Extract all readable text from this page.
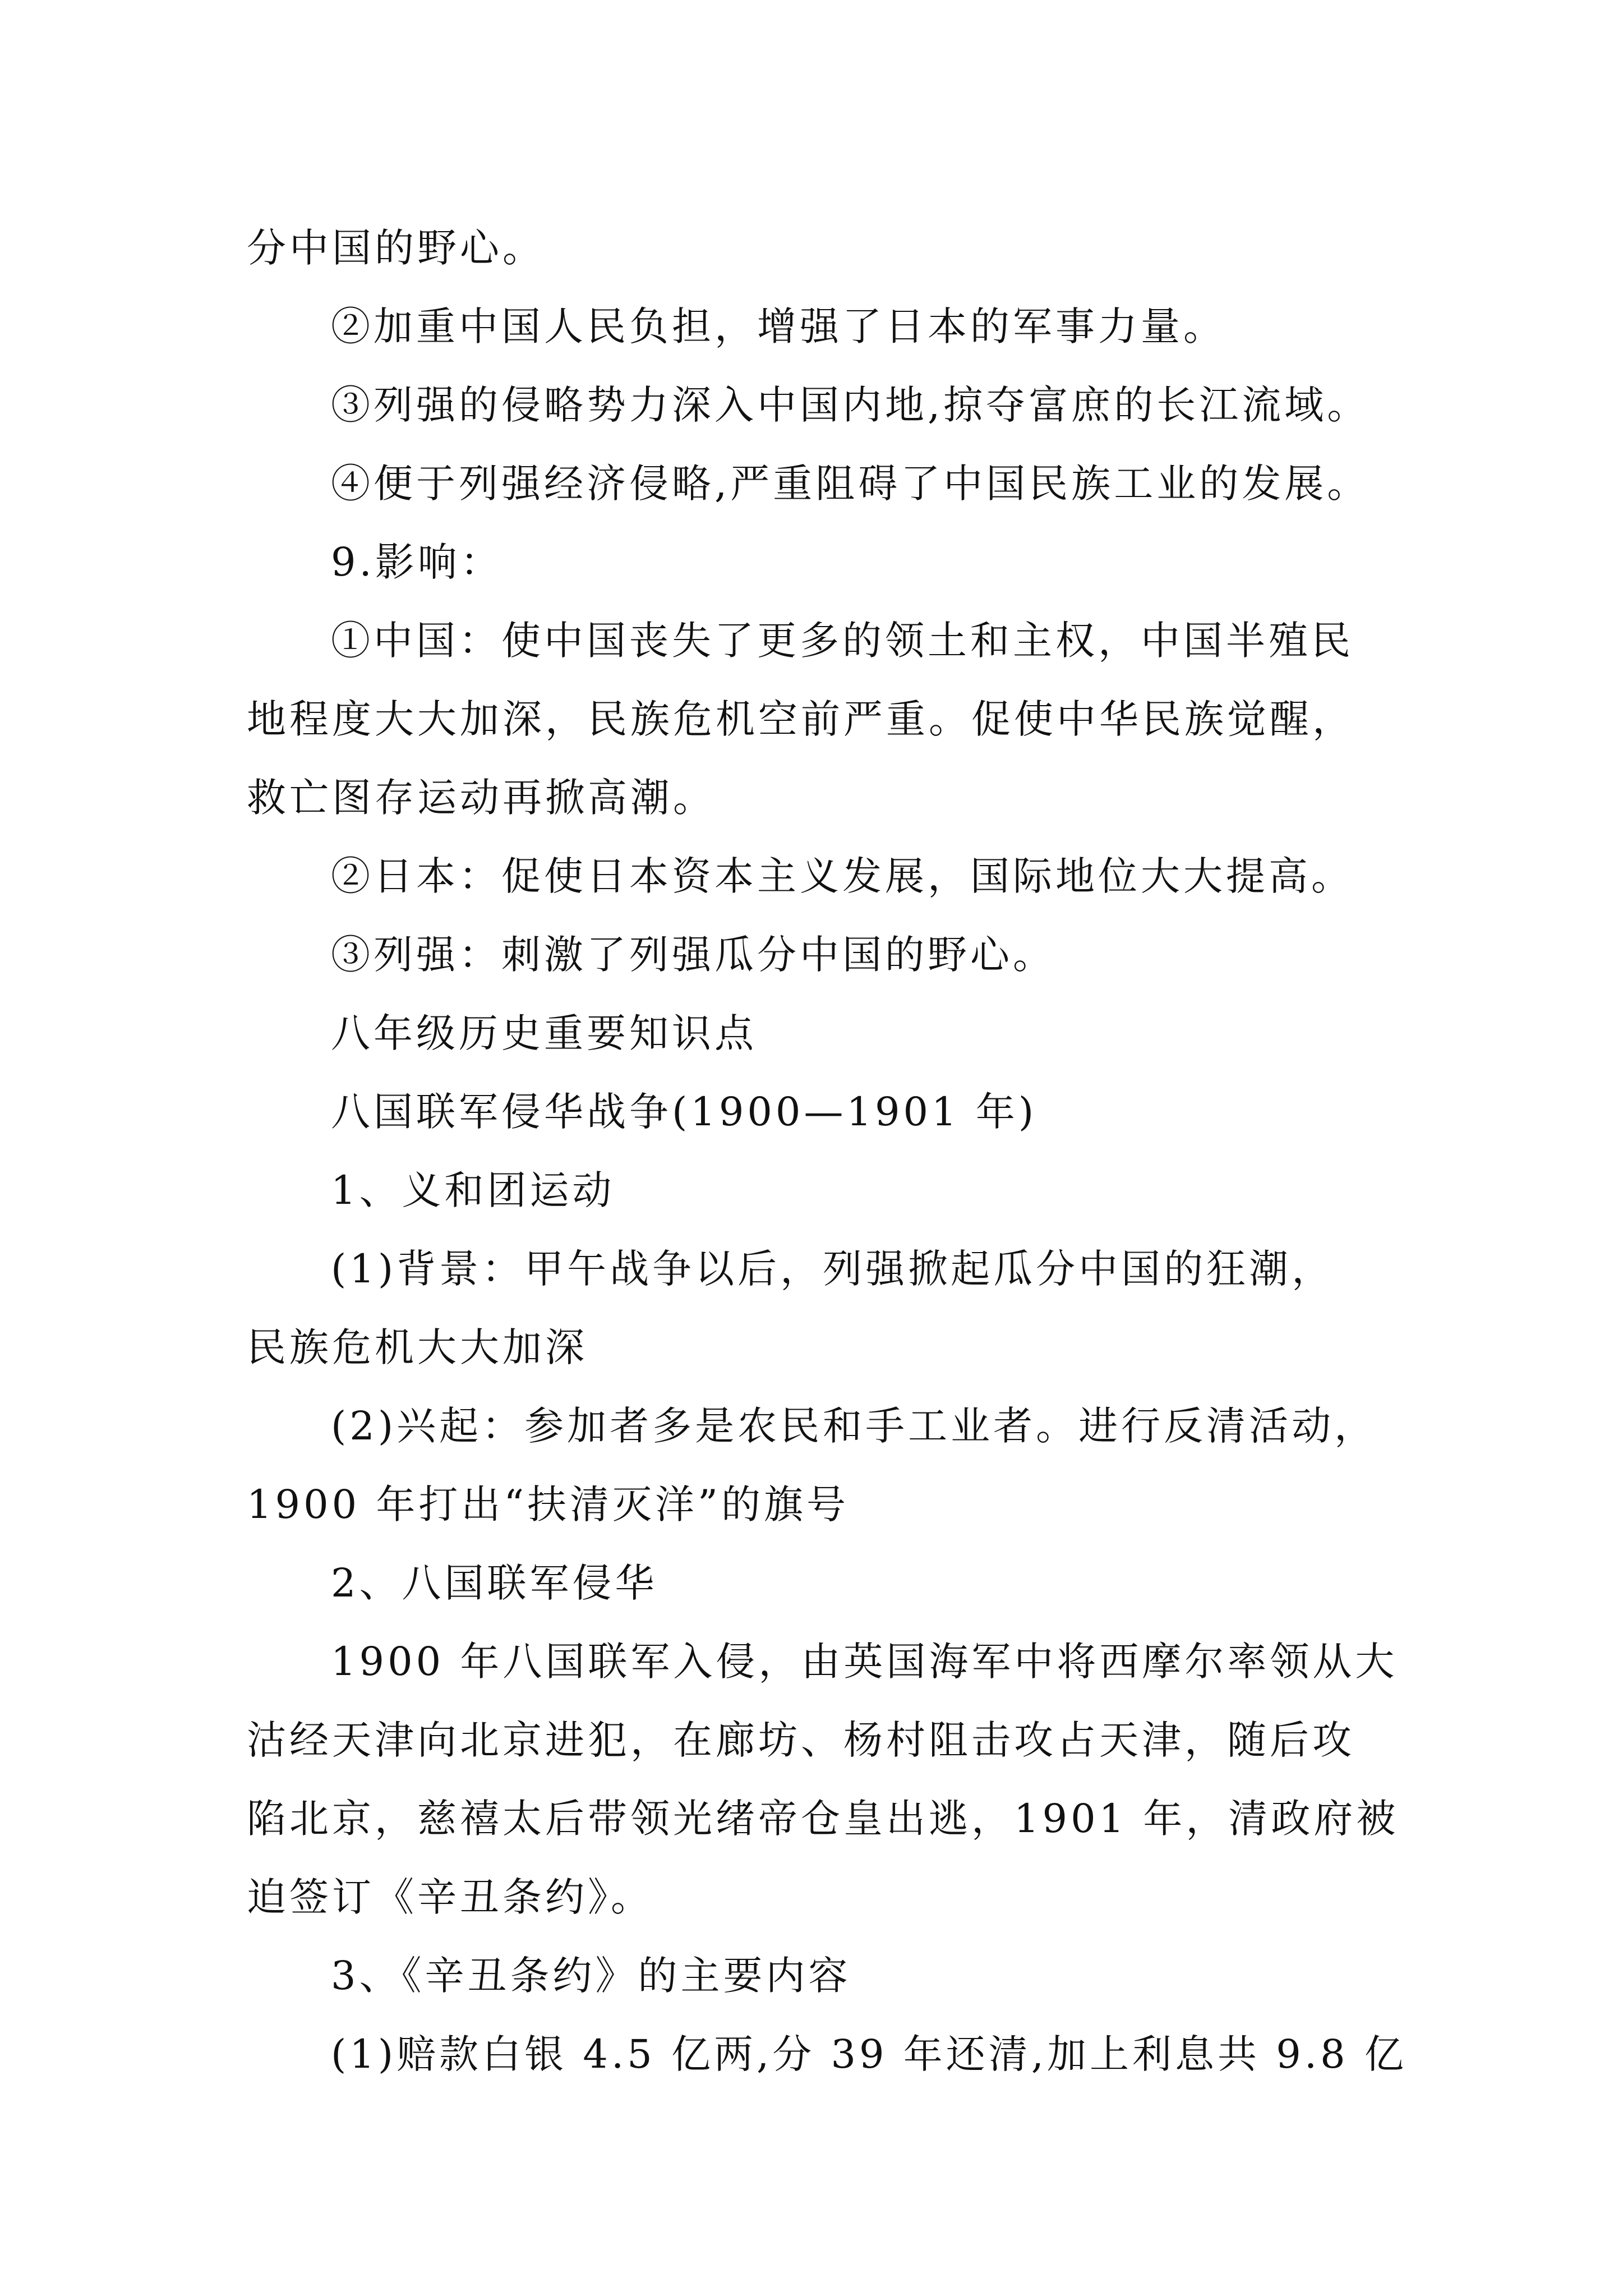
分中国的野心。
②加重中国人民负担，增强了日本的军事力量。
③列强的侵略势力深入中国内地,掠夺富庶的长江流域。
④便于列强经济侵略,严重阻碍了中国民族工业的发展。
9.影响：
①中国：使中国丧失了更多的领土和主权，中国半殖民
地程度大大加深，民族危机空前严重。促使中华民族觉醒，
救亡图存运动再掀高潮。
②日本：促使日本资本主义发展，国际地位大大提高。
③列强：刺激了列强瓜分中国的野心。
八年级历史重要知识点
八国联军侵华战争(1900—1901 年)
1、义和团运动
(1)背景：甲午战争以后，列强掀起瓜分中国的狂潮，
民族危机大大加深
(2)兴起：参加者多是农民和手工业者。进行反清活动，
1900 年打出“扶清灭洋”的旗号
2、八国联军侵华
1900 年八国联军入侵，由英国海军中将西摩尔率领从大
沽经天津向北京进犯，在廊坊、杨村阻击攻占天津，随后攻
陷北京，慈禧太后带领光绪帝仓皇出逃，1901 年，清政府被
迫签订《辛丑条约》。
3、《辛丑条约》的主要内容
(1)赔款白银 4.5 亿两,分 39 年还清,加上利息共 9.8 亿
